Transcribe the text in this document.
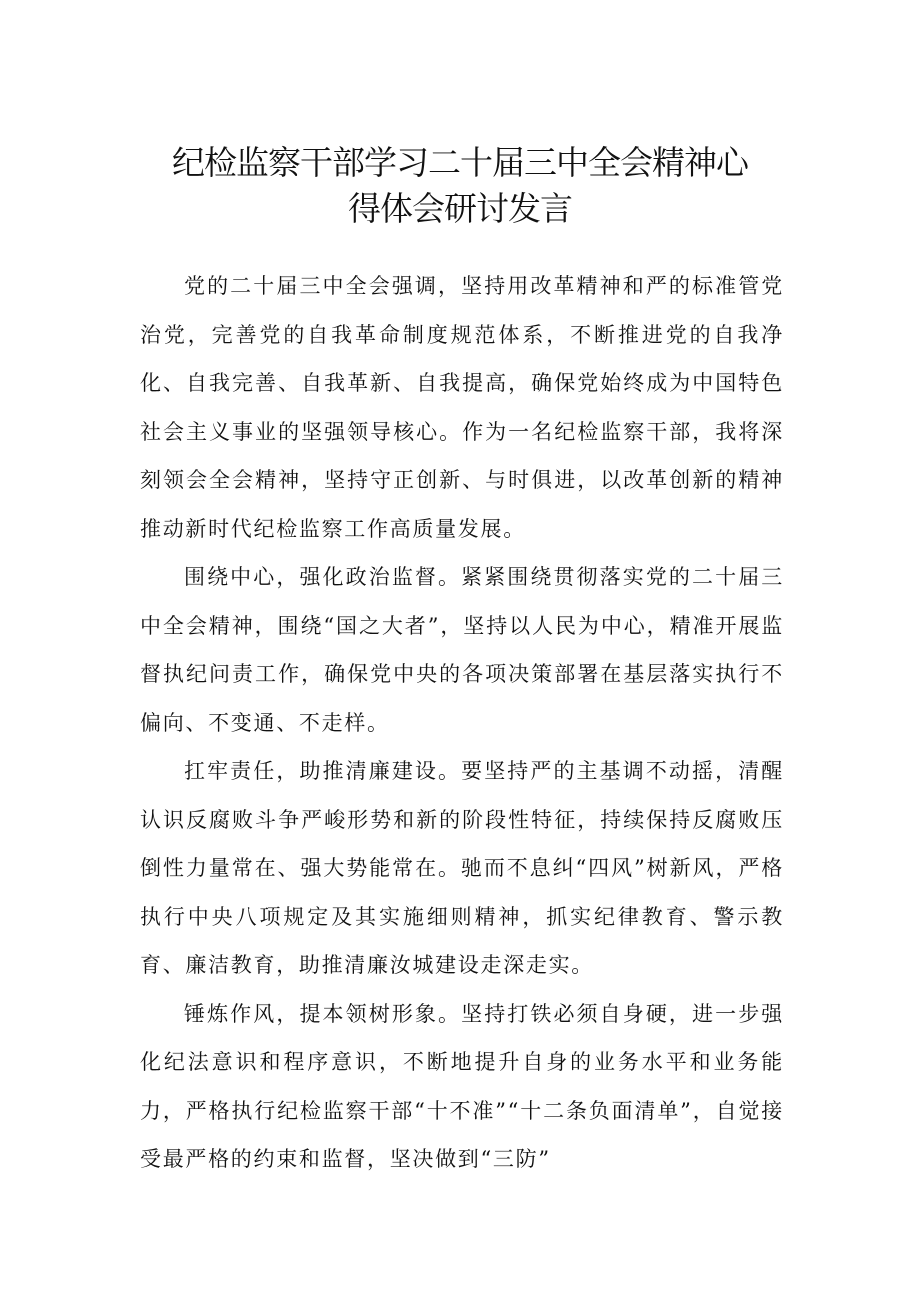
纪检监察干部学习二十届三中全会精神心
得体会研讨发言

党的二十届三中全会强调，坚持用改革精神和严的标准管党治党，完善党的自我革命制度规范体系，不断推进党的自我净化、自我完善、自我革新、自我提高，确保党始终成为中国特色社会主义事业的坚强领导核心。作为一名纪检监察干部，我将深刻领会全会精神，坚持守正创新、与时俱进，以改革创新的精神推动新时代纪检监察工作高质量发展。

围绕中心，强化政治监督。紧紧围绕贯彻落实党的二十届三中全会精神，围绕“国之大者”，坚持以人民为中心，精准开展监督执纪问责工作，确保党中央的各项决策部署在基层落实执行不偏向、不变通、不走样。

扛牢责任，助推清廉建设。要坚持严的主基调不动摇，清醒认识反腐败斗争严峻形势和新的阶段性特征，持续保持反腐败压倒性力量常在、强大势能常在。驰而不息纠“四风”树新风，严格执行中央八项规定及其实施细则精神，抓实纪律教育、警示教育、廉洁教育，助推清廉汝城建设走深走实。

锤炼作风，提本领树形象。坚持打铁必须自身硬，进一步强化纪法意识和程序意识，不断地提升自身的业务水平和业务能力，严格执行纪检监察干部“十不准”“十二条负面清单”，自觉接受最严格的约束和监督，坚决做到“三防”
